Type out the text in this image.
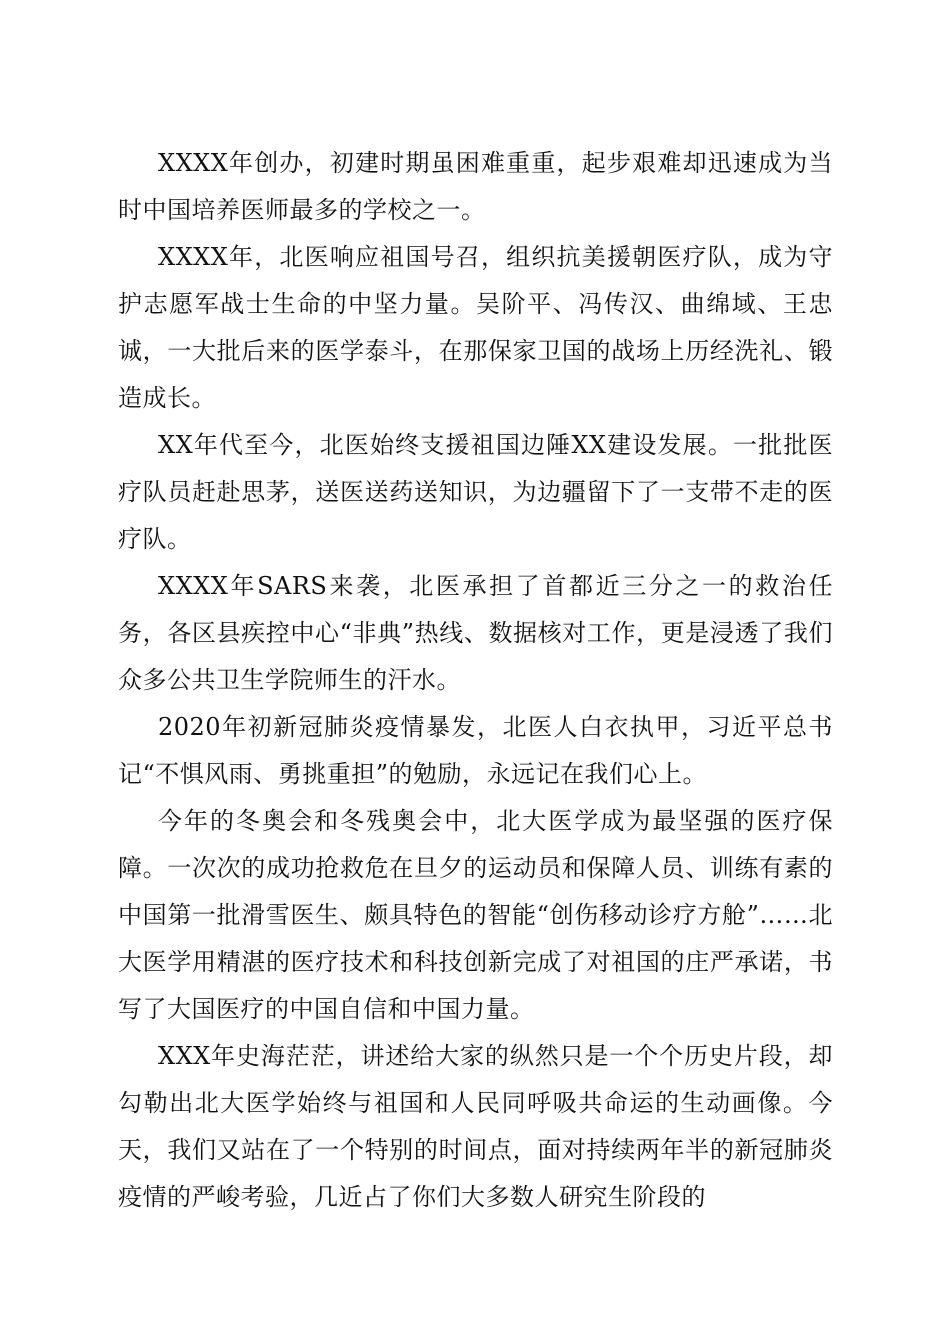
XXXX年创办，初建时期虽困难重重，起步艰难却迅速成为当时中国培养医师最多的学校之一。

XXXX年，北医响应祖国号召，组织抗美援朝医疗队，成为守护志愿军战士生命的中坚力量。吴阶平、冯传汉、曲绵域、王忠诚，一大批后来的医学泰斗，在那保家卫国的战场上历经洗礼、锻造成长。

XX年代至今，北医始终支援祖国边陲XX建设发展。一批批医疗队员赶赴思茅，送医送药送知识，为边疆留下了一支带不走的医疗队。

XXXX年SARS来袭，北医承担了首都近三分之一的救治任务，各区县疾控中心“非典”热线、数据核对工作，更是浸透了我们众多公共卫生学院师生的汗水。

2020年初新冠肺炎疫情暴发，北医人白衣执甲，习近平总书记“不惧风雨、勇挑重担”的勉励，永远记在我们心上。

今年的冬奥会和冬残奥会中，北大医学成为最坚强的医疗保障。一次次的成功抢救危在旦夕的运动员和保障人员、训练有素的中国第一批滑雪医生、颇具特色的智能“创伤移动诊疗方舱”……北大医学用精湛的医疗技术和科技创新完成了对祖国的庄严承诺，书写了大国医疗的中国自信和中国力量。

XXX年史海茫茫，讲述给大家的纵然只是一个个历史片段，却勾勒出北大医学始终与祖国和人民同呼吸共命运的生动画像。今天，我们又站在了一个特别的时间点，面对持续两年半的新冠肺炎疫情的严峻考验，几近占了你们大多数人研究生阶段的
